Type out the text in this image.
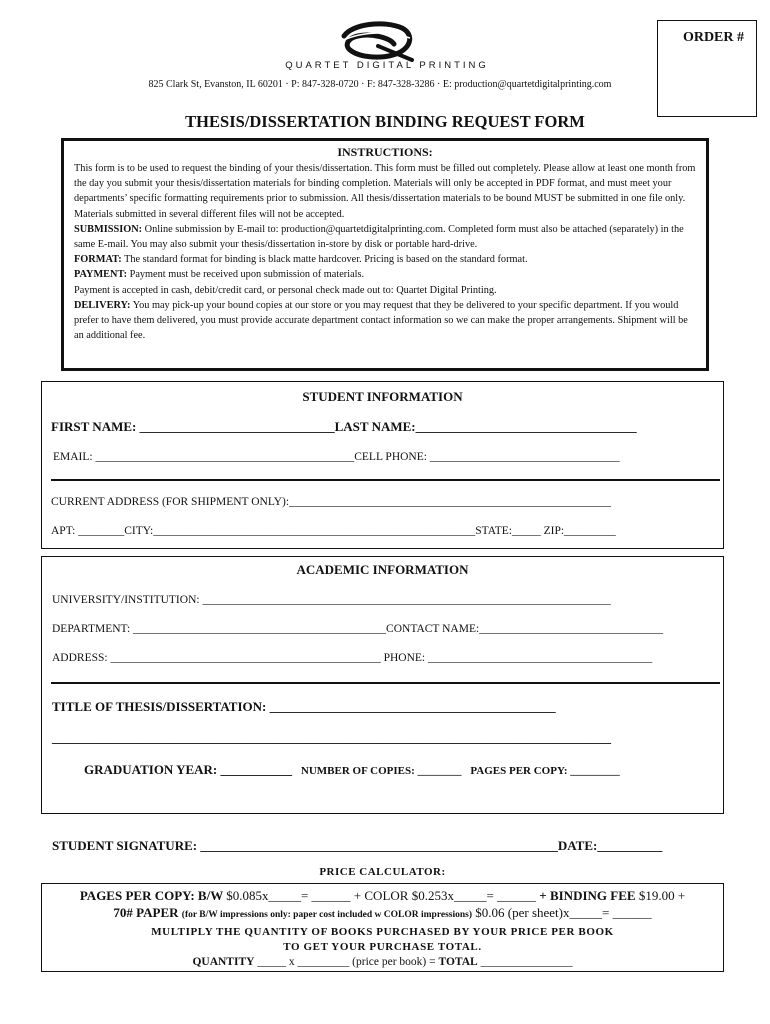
QUARTET DIGITAL PRINTING
825 Clark St, Evanston, IL 60201 · P: 847-328-0720 · F: 847-328-3286 · E: production@quartetdigitalprinting.com
ORDER #
THESIS/DISSERTATION BINDING REQUEST FORM
INSTRUCTIONS:
This form is to be used to request the binding of your thesis/dissertation. This form must be filled out completely. Please allow at least one month from the day you submit your thesis/dissertation materials for binding completion. Materials will only be accepted in PDF format, and must meet your departments’ specific formatting requirements prior to submission. All thesis/dissertation materials to be bound MUST be submitted in one file only. Materials submitted in several different files will not be accepted.
SUBMISSION: Online submission by E-mail to: production@quartetdigitalprinting.com. Completed form must also be attached (separately) in the same E-mail. You may also submit your thesis/dissertation in-store by disk or portable hard-drive.
FORMAT: The standard format for binding is black matte hardcover. Pricing is based on the standard format.
PAYMENT: Payment must be received upon submission of materials.
Payment is accepted in cash, debit/credit card, or personal check made out to: Quartet Digital Printing.
DELIVERY: You may pick-up your bound copies at our store or you may request that they be delivered to your specific department. If you would prefer to have them delivered, you must provide accurate department contact information so we can make the proper arrangements. Shipment will be an additional fee.
STUDENT INFORMATION
FIRST NAME: ______________________________LAST NAME:__________________________________
EMAIL: _____________________________________________CELL PHONE: _________________________________
CURRENT ADDRESS (FOR SHIPMENT ONLY):________________________________________________________
APT: ________CITY:________________________________________________________STATE:_____ ZIP:_________
ACADEMIC INFORMATION
UNIVERSITY/INSTITUTION: _______________________________________________________________________
DEPARTMENT: ____________________________________________CONTACT NAME:________________________________
ADDRESS: _______________________________________________ PHONE: _______________________________________
TITLE OF THESIS/DISSERTATION: ____________________________________________
______________________________________________________________________________________
GRADUATION YEAR: ___________ NUMBER OF COPIES: ________ PAGES PER COPY: _________
STUDENT SIGNATURE: _______________________________________________________DATE:__________
PRICE CALCULATOR:
PAGES PER COPY: B/W $0.085x_____= ______ + COLOR $0.253x_____= ______ + BINDING FEE $19.00 +
70# PAPER (for B/W impressions only: paper cost included w COLOR impressions) $0.06 (per sheet)x_____= ______
MULTIPLY THE QUANTITY OF BOOKS PURCHASED BY YOUR PRICE PER BOOK
TO GET YOUR PURCHASE TOTAL.
QUANTITY _____ x _________ (price per book) = TOTAL ________________
